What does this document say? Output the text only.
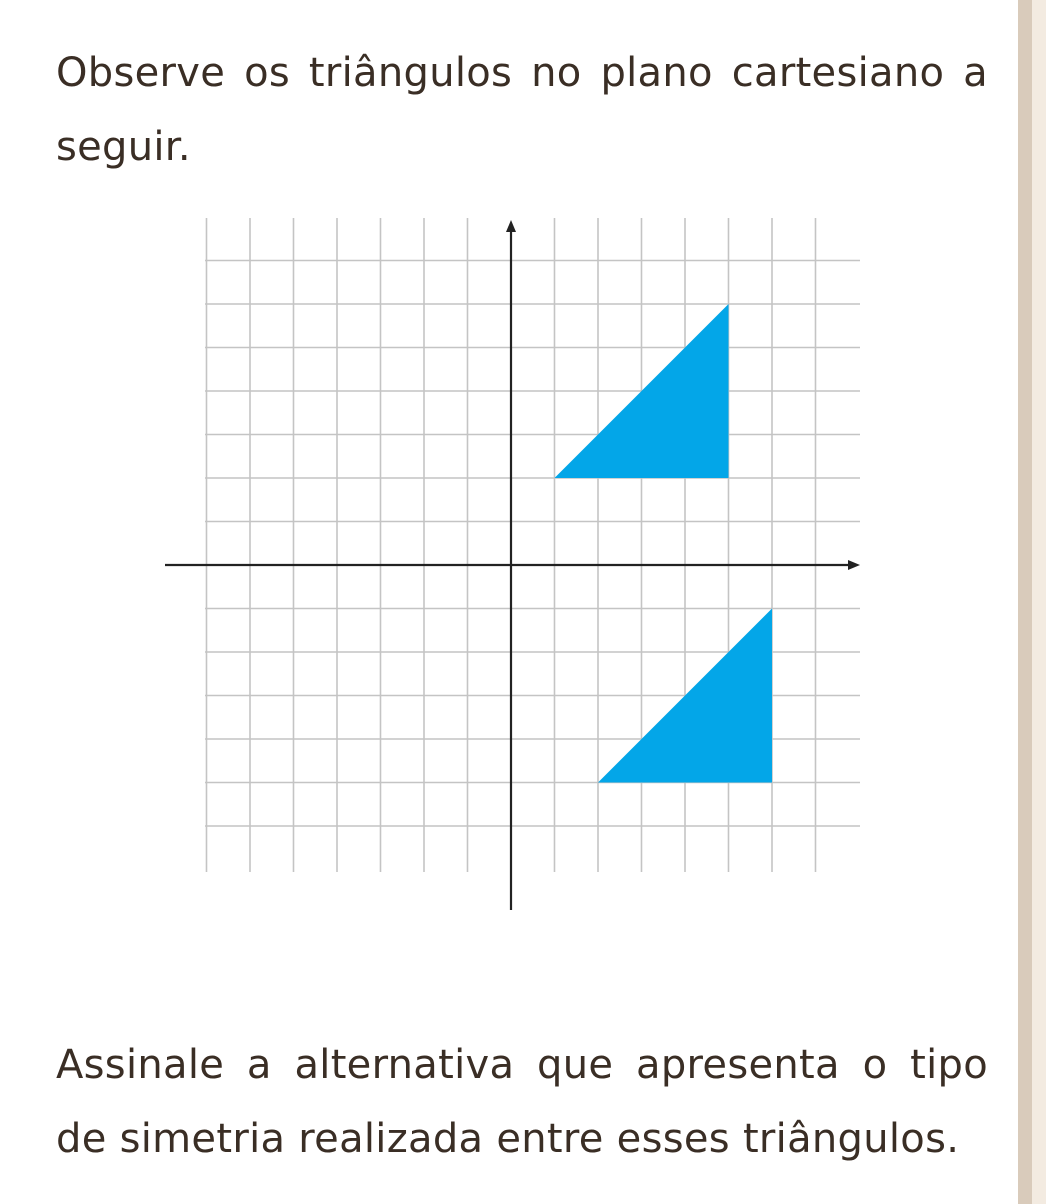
Observe os triângulos no plano cartesiano a seguir.

Assinale a alternativa que apresenta o tipo de simetria realizada entre esses triângulos.
